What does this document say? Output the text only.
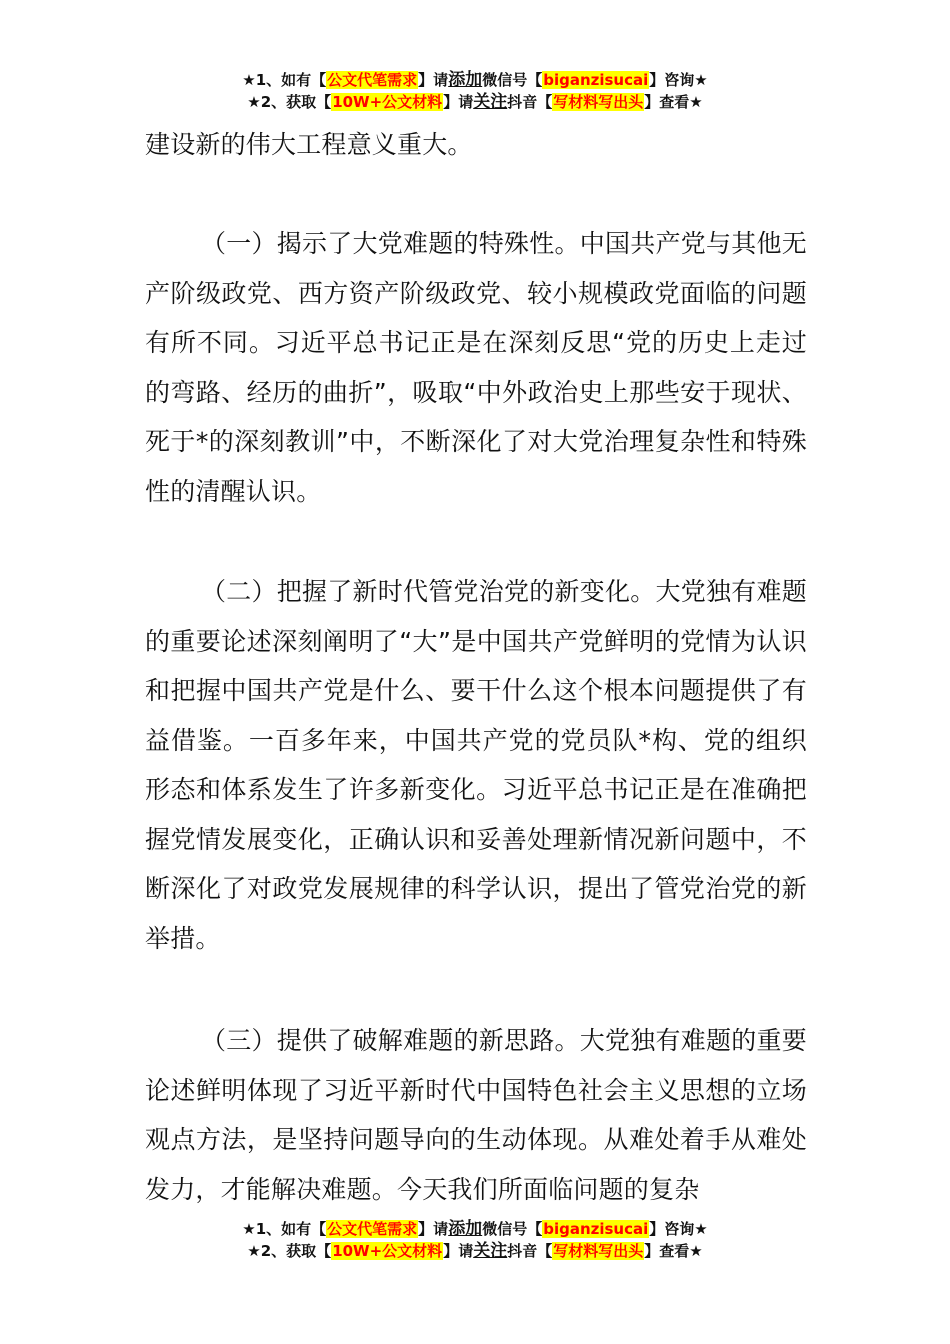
★1、如有【公文代笔需求】请添加微信号【biganzisucai】咨询★
★2、获取【10W+公文材料】请关注抖音【写材料写出头】查看★

建设新的伟大工程意义重大。

（一）揭示了大党难题的特殊性。中国共产党与其他无产阶级政党、西方资产阶级政党、较小规模政党面临的问题有所不同。习近平总书记正是在深刻反思“党的历史上走过的弯路、经历的曲折”，吸取“中外政治史上那些安于现状、死于*的深刻教训”中，不断深化了对大党治理复杂性和特殊性的清醒认识。

（二）把握了新时代管党治党的新变化。大党独有难题的重要论述深刻阐明了“大”是中国共产党鲜明的党情为认识和把握中国共产党是什么、要干什么这个根本问题提供了有益借鉴。一百多年来，中国共产党的党员队*构、党的组织形态和体系发生了许多新变化。习近平总书记正是在准确把握党情发展变化，正确认识和妥善处理新情况新问题中，不断深化了对政党发展规律的科学认识，提出了管党治党的新举措。

（三）提供了破解难题的新思路。大党独有难题的重要论述鲜明体现了习近平新时代中国特色社会主义思想的立场观点方法，是坚持问题导向的生动体现。从难处着手从难处发力，才能解决难题。今天我们所面临问题的复杂

★1、如有【公文代笔需求】请添加微信号【biganzisucai】咨询★
★2、获取【10W+公文材料】请关注抖音【写材料写出头】查看★
